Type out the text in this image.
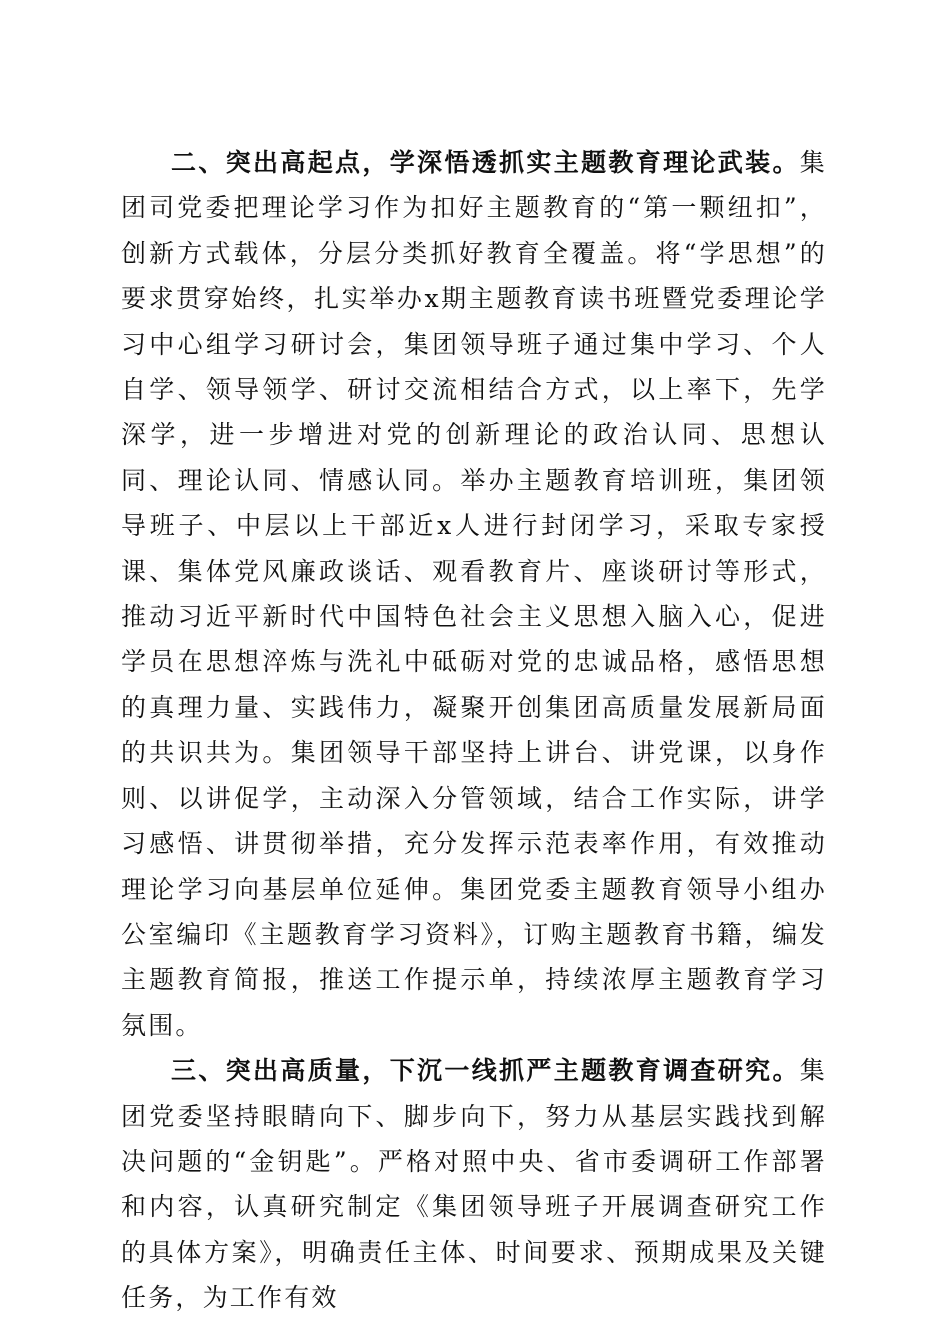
二、突出高起点，学深悟透抓实主题教育理论武装。集团司党委把理论学习作为扣好主题教育的“第一颗纽扣”，创新方式载体，分层分类抓好教育全覆盖。将“学思想”的要求贯穿始终，扎实举办x期主题教育读书班暨党委理论学习中心组学习研讨会，集团领导班子通过集中学习、个人自学、领导领学、研讨交流相结合方式，以上率下，先学深学，进一步增进对党的创新理论的政治认同、思想认同、理论认同、情感认同。举办主题教育培训班，集团领导班子、中层以上干部近x人进行封闭学习，采取专家授课、集体党风廉政谈话、观看教育片、座谈研讨等形式，推动习近平新时代中国特色社会主义思想入脑入心，促进学员在思想淬炼与洗礼中砥砺对党的忠诚品格，感悟思想的真理力量、实践伟力，凝聚开创集团高质量发展新局面的共识共为。集团领导干部坚持上讲台、讲党课，以身作则、以讲促学，主动深入分管领域，结合工作实际，讲学习感悟、讲贯彻举措，充分发挥示范表率作用，有效推动理论学习向基层单位延伸。集团党委主题教育领导小组办公室编印《主题教育学习资料》，订购主题教育书籍，编发主题教育简报，推送工作提示单，持续浓厚主题教育学习氛围。

三、突出高质量，下沉一线抓严主题教育调查研究。集团党委坚持眼睛向下、脚步向下，努力从基层实践找到解决问题的“金钥匙”。严格对照中央、省市委调研工作部署和内容，认真研究制定《集团领导班子开展调查研究工作的具体方案》，明确责任主体、时间要求、预期成果及关键任务，为工作有效
